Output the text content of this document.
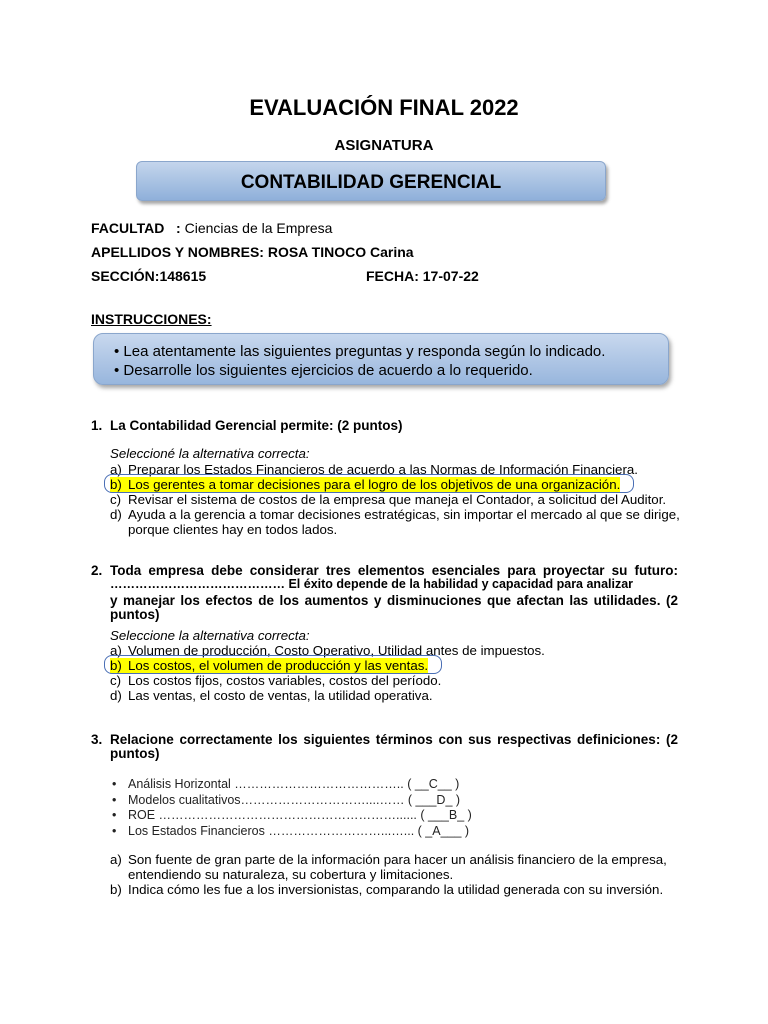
EVALUACIÓN FINAL 2022
ASIGNATURA
CONTABILIDAD GERENCIAL
FACULTAD : Ciencias de la Empresa
APELLIDOS Y NOMBRES: ROSA TINOCO Carina
SECCIÓN:148615	FECHA: 17-07-22
INSTRUCCIONES:
• Lea atentamente las siguientes preguntas y responda según lo indicado.
• Desarrolle los siguientes ejercicios de acuerdo a lo requerido.
1. La Contabilidad Gerencial permite: (2 puntos)
Seleccioné la alternativa correcta:
a) Preparar los Estados Financieros de acuerdo a las Normas de Información Financiera.
b) Los gerentes a tomar decisiones para el logro de los objetivos de una organización.
c) Revisar el sistema de costos de la empresa que maneja el Contador, a solicitud del Auditor.
d) Ayuda a la gerencia a tomar decisiones estratégicas, sin importar el mercado al que se dirige,
porque clientes hay en todos lados.
2. Toda empresa debe considerar tres elementos esenciales para proyectar su futuro:
…………………………………… El éxito depende de la habilidad y capacidad para analizar
y manejar los efectos de los aumentos y disminuciones que afectan las utilidades. (2
puntos)
Seleccione la alternativa correcta:
a) Volumen de producción, Costo Operativo, Utilidad antes de impuestos.
b) Los costos, el volumen de producción y las ventas.
c) Los costos fijos, costos variables, costos del período.
d) Las ventas, el costo de ventas, la utilidad operativa.
3. Relacione correctamente los siguientes términos con sus respectivas definiciones: (2
puntos)
• Análisis Horizontal ………………………………….. ( __C__ )
• Modelos cualitativos…………………………....…… ( ___D_ )
• ROE …………………………………………………...... ( ___B_ )
• Los Estados Financieros ………………………...…... ( _A___ )
a) Son fuente de gran parte de la información para hacer un análisis financiero de la empresa,
entendiendo su naturaleza, su cobertura y limitaciones.
b) Indica cómo les fue a los inversionistas, comparando la utilidad generada con su inversión.
